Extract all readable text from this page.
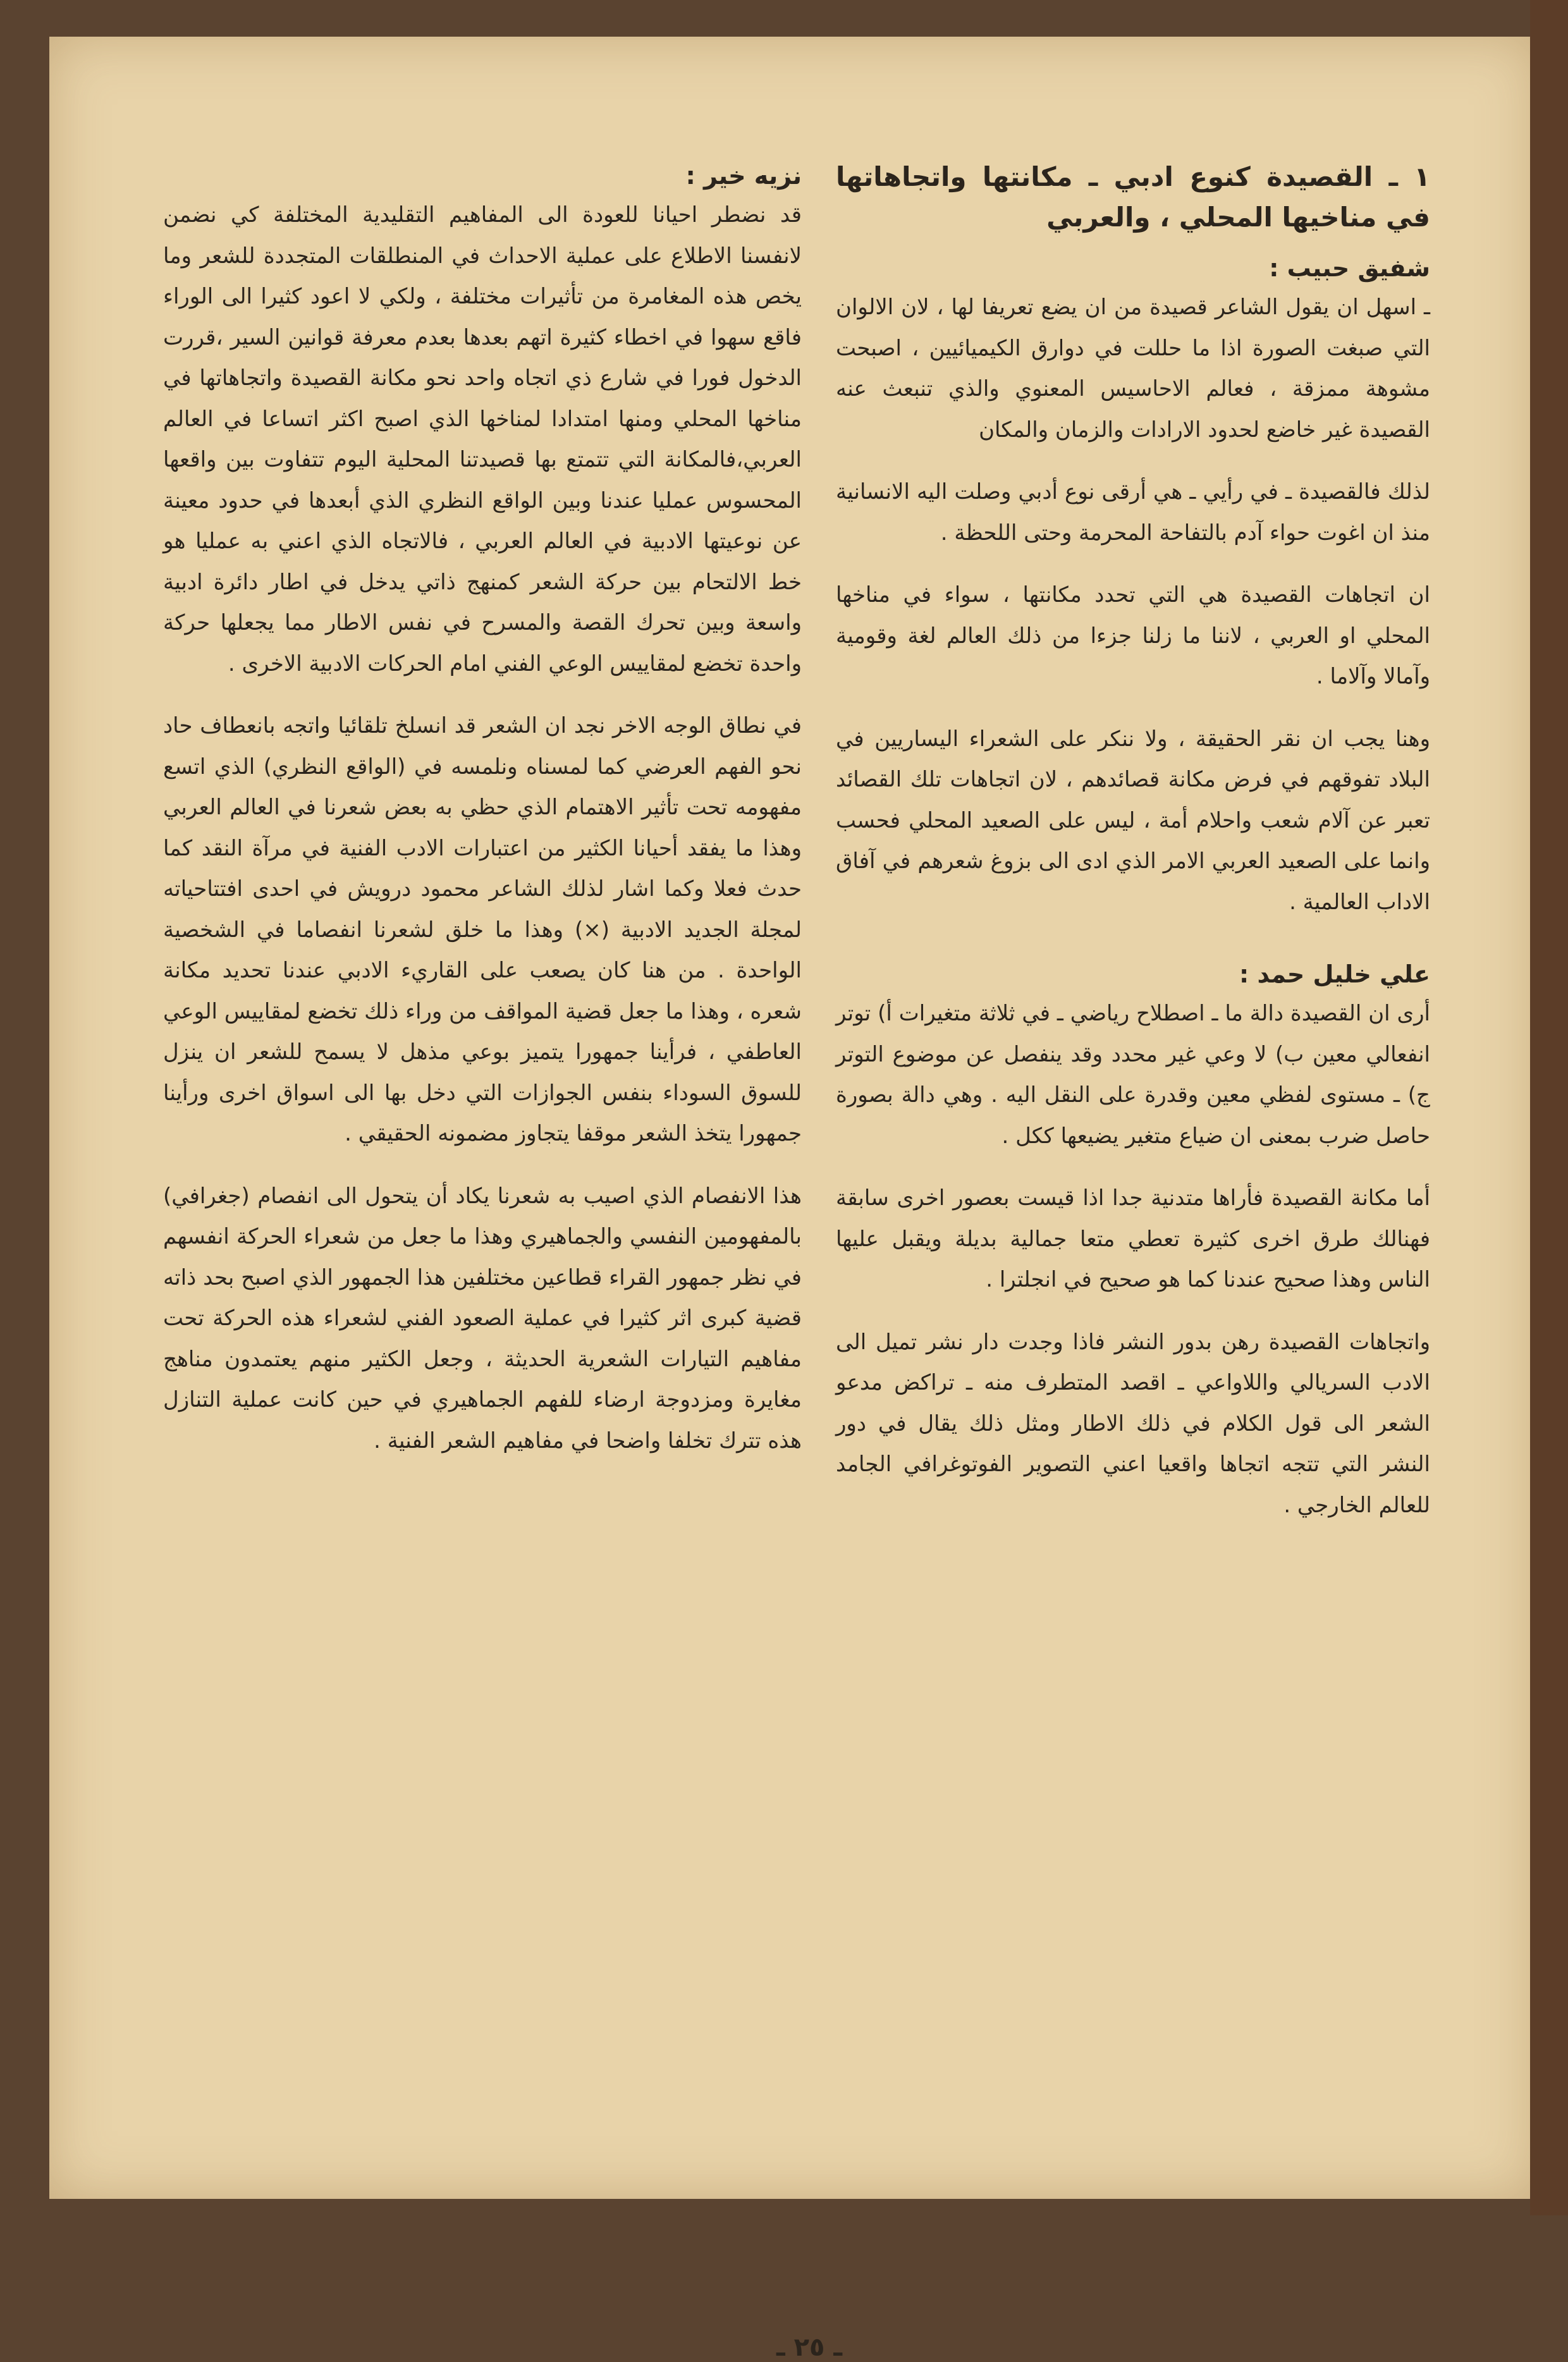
١ ـ القصيدة كنوع ادبي ـ مكانتها واتجاهاتها في مناخيها المحلي ، والعربي
شفيق حبيب :

ـ اسهل ان يقول الشاعر قصيدة من ان يضع تعريفا لها ، لان الالوان التي صبغت الصورة اذا ما حللت في دوارق الكيميائيين ، اصبحت مشوهة ممزقة ، فعالم الاحاسيس المعنوي والذي تنبعث عنه القصيدة غير خاضع لحدود الارادات والزمان والمكان

لذلك فالقصيدة ـ في رأيي ـ هي أرقى نوع أدبي وصلت اليه الانسانية منذ ان اغوت حواء آدم بالتفاحة المحرمة وحتى اللحظة .

ان اتجاهات القصيدة هي التي تحدد مكانتها ، سواء في مناخها المحلي او العربي ، لاننا ما زلنا جزءا من ذلك العالم لغة وقومية وآمالا وآلاما .

وهنا يجب ان نقر الحقيقة ، ولا ننكر على الشعراء اليساريين في البلاد تفوقهم في فرض مكانة قصائدهم ، لان اتجاهات تلك القصائد تعبر عن آلام شعب واحلام أمة ، ليس على الصعيد المحلي فحسب وانما على الصعيد العربي الامر الذي ادى الى بزوغ شعرهم في آفاق الاداب العالمية .

علي خليل حمد :

أرى ان القصيدة دالة ما ـ اصطلاح رياضي ـ في ثلاثة متغيرات أ) توتر انفعالي معين ب) لا وعي غير محدد وقد ينفصل عن موضوع التوتر ج) ـ مستوى لفظي معين وقدرة على النقل اليه . وهي دالة بصورة حاصل ضرب بمعنى ان ضياع متغير يضيعها ككل .

أما مكانة القصيدة فأراها متدنية جدا اذا قيست بعصور اخرى سابقة فهنالك طرق اخرى كثيرة تعطي متعا جمالية بديلة ويقبل عليها الناس وهذا صحيح عندنا كما هو صحيح في انجلترا .

واتجاهات القصيدة رهن بدور النشر فاذا وجدت دار نشر تميل الى الادب السريالي واللاواعي ـ اقصد المتطرف منه ـ تراكض مدعو الشعر الى قول الكلام في ذلك الاطار ومثل ذلك يقال في دور النشر التي تتجه اتجاها واقعيا اعني التصوير الفوتوغرافي الجامد للعالم الخارجي .

نزيه خير :

قد نضطر احيانا للعودة الى المفاهيم التقليدية المختلفة كي نضمن لانفسنا الاطلاع على عملية الاحداث في المنطلقات المتجددة للشعر وما يخص هذه المغامرة من تأثيرات مختلفة ، ولكي لا اعود كثيرا الى الوراء فاقع سهوا في اخطاء كثيرة اتهم بعدها بعدم معرفة قوانين السير ،قررت الدخول فورا في شارع ذي اتجاه واحد نحو مكانة القصيدة واتجاهاتها في مناخها المحلي ومنها امتدادا لمناخها الذي اصبح اكثر اتساعا في العالم العربي،فالمكانة التي تتمتع بها قصيدتنا المحلية اليوم تتفاوت بين واقعها المحسوس عمليا عندنا وبين الواقع النظري الذي أبعدها في حدود معينة عن نوعيتها الادبية في العالم العربي ، فالاتجاه الذي اعني به عمليا هو خط الالتحام بين حركة الشعر كمنهج ذاتي يدخل في اطار دائرة ادبية واسعة وبين تحرك القصة والمسرح في نفس الاطار مما يجعلها حركة واحدة تخضع لمقاييس الوعي الفني امام الحركات الادبية الاخرى .

في نطاق الوجه الاخر نجد ان الشعر قد انسلخ تلقائيا واتجه بانعطاف حاد نحو الفهم العرضي كما لمسناه ونلمسه في (الواقع النظري) الذي اتسع مفهومه تحت تأثير الاهتمام الذي حظي به بعض شعرنا في العالم العربي وهذا ما يفقد أحيانا الكثير من اعتبارات الادب الفنية في مرآة النقد كما حدث فعلا وكما اشار لذلك الشاعر محمود درويش في احدى افتتاحياته لمجلة الجديد الادبية (×) وهذا ما خلق لشعرنا انفصاما في الشخصية الواحدة . من هنا كان يصعب على القاريء الادبي عندنا تحديد مكانة شعره ، وهذا ما جعل قضية المواقف من وراء ذلك تخضع لمقاييس الوعي العاطفي ، فرأينا جمهورا يتميز بوعي مذهل لا يسمح للشعر ان ينزل للسوق السوداء بنفس الجوازات التي دخل بها الى اسواق اخرى ورأينا جمهورا يتخذ الشعر موقفا يتجاوز مضمونه الحقيقي .

هذا الانفصام الذي اصيب به شعرنا يكاد أن يتحول الى انفصام (جغرافي) بالمفهومين النفسي والجماهيري وهذا ما جعل من شعراء الحركة انفسهم في نظر جمهور القراء قطاعين مختلفين هذا الجمهور الذي اصبح بحد ذاته قضية كبرى اثر كثيرا في عملية الصعود الفني لشعراء هذه الحركة تحت مفاهيم التيارات الشعرية الحديثة ، وجعل الكثير منهم يعتمدون مناهج مغايرة ومزدوجة ارضاء للفهم الجماهيري في حين كانت عملية التنازل هذه تترك تخلفا واضحا في مفاهيم الشعر الفنية .

ـ ٢٥ ـ
